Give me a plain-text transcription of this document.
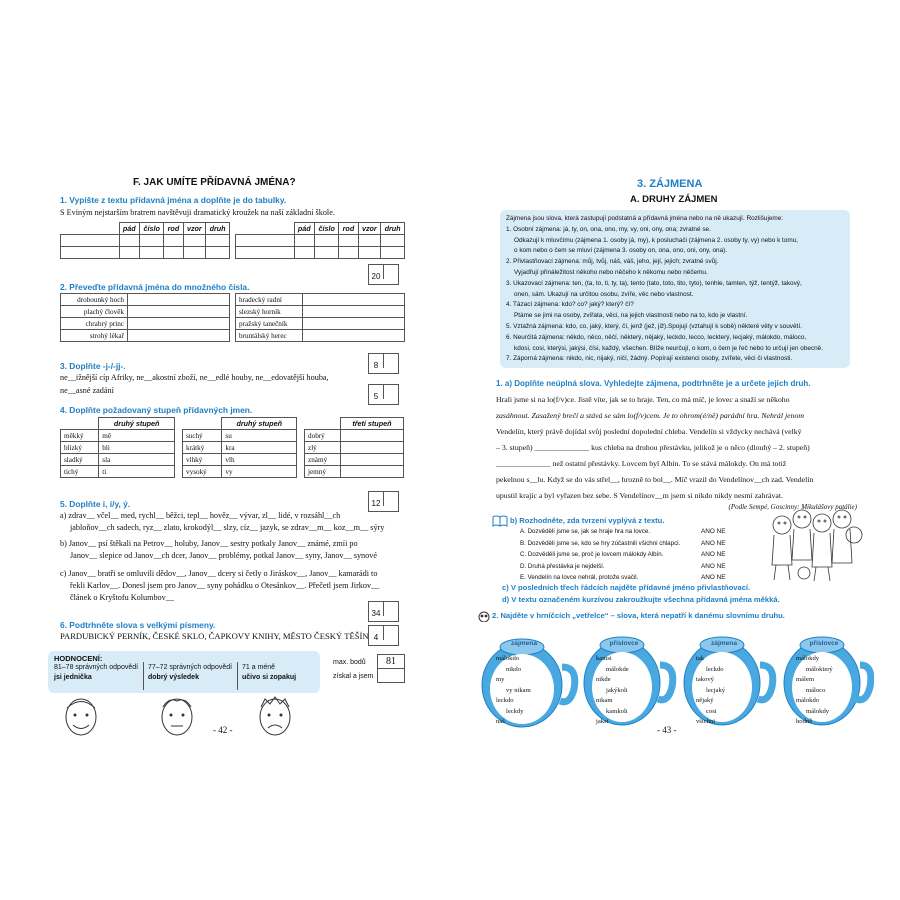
F. JAK UMÍTE PŘÍDAVNÁ JMÉNA?
1. Vypište z textu přídavná jména a doplňte je do tabulky.
S Eviným nejstarším bratrem navštěvuji dramatický kroužek na naší základní škole.
	pád	číslo	rod	vzor	druh

		pád	číslo	rod	vzor	druh

20
2. Převeďte přídavná jména do množného čísla.
drobounký hoch	
plachý člověk	
chrabrý princ	
strohý lékař	
hradecký radní	
slezský horník	
pražský tanečník	
bruntálský herec	
8
3. Doplňte -j-/-jj-.
ne__ižnější cíp Afriky, ne__akostní zboží, ne__edlé houby, ne__edovatější houba,
ne__asné zadání
5
4. Doplňte požadovaný stupeň přídavných jmen.
	druhý stupeň
měkký	mě
blízký	bli
sladký	sla
tichý	ti
	druhý stupeň
suchý	su
krátký	kra
vlhký	vlh
vysoký	vy
	třetí stupeň
dobrý	
zlý	
známý	
jemný	
12
5. Doplňte i, í/y, ý.
a) zdrav__ včel__ med, rychl__ běžci, tepl__ hověz__ vývar, zl__ lidé, v rozsáhl__ch
jabloňov__ch sadech, ryz__ zlato, krokodýl__ slzy, cíz__ jazyk, se zdrav__m__ koz__m__ sýry
b) Janov__ psí štěkali na Petrov__ holuby, Janov__ sestry potkaly Janov__ známé, zmíi po
Janov__ slepice od Janov__ch dcer, Janov__ problémy, potkal Janov__ syny, Janov__ synové
c) Janov__ bratři se omluvili dědov__, Janov__ dcery si četly o Jiráskov__, Janov__ kamarádi to
řekli Karlov__. Donesl jsem pro Janov__ syny pohádku o Otesánkov__. Přečetl jsem Jirkov__
článek o Kryštofu Kolumbov__
34
6. Podtrhněte slova s velkými písmeny.
PARDUBICKÝ PERNÍK, ČESKÉ SKLO, ČAPKOVY KNIHY, MĚSTO ČESKÝ TĚŠÍN 4
HODNOCENÍ:
81–78 správných odpovědí
jsi jednička
77–72 správných odpovědí
dobrý výsledek
71 a méně
učivo si zopakuj
max. bodů	81
získal a jsem
- 42 -
3. ZÁJMENA
A. DRUHY ZÁJMEN
Zájmena jsou slova, která zastupují podstatná a přídavná jména nebo na ně ukazují. Rozlišujeme:
1. Osobní zájmena: já, ty, on, ona, ono, my, vy, oni, ony, ona; zvratné se.
Odkazují k mluvčímu (zájmena 1. osoby já, my), k posluchači (zájmena 2. osoby ty, vy) nebo k tomu,
o kom nebo o čem se mluví (zájmena 3. osoby on, ona, ono, oni, ony, ona).
2. Přivlastňovací zájmena: můj, tvůj, náš, váš, jeho, její, jejich; zvratné svůj.
Vyjadřují přináležitost někoho nebo něčeho k někomu nebo něčemu.
3. Ukazovací zájmena: ten, (ta, to, ti, ty, ta), tento (tato, toto, tito, tyto), tenhle, tamten, týž, tentýž, takový,
onen, sám. Ukazují na určitou osobu, zvíře, věc nebo vlastnost.
4. Tázací zájmena: kdo? co? jaký? který? čí?
Ptáme se jimi na osoby, zvířata, věci, na jejich vlastnosti nebo na to, kdo je vlastní.
5. Vztažná zájmena: kdo, co, jaký, který, čí, jenž (jež, již).Spojují (vztahují k sobě) některé věty v souvětí.
6. Neurčitá zájmena: někdo, něco, něčí, některý, nějaký, leckdo, lecco, leckterý, lecjaký, málokdo, máloco,
kdosi, cosi, kterýsi, jakýsi, čísi, každý, všechen. Blíže neurčují, o kom, o čem je řeč nebo to určují jen obecně.
7. Záporná zájmena: nikdo, nic, nijaký, ničí, žádný. Popírají existenci osoby, zvířete, věci či vlastnosti.
1. a) Doplňte neúplná slova. Vyhledejte zájmena, podtrhněte je a určete jejich druh.
Hrali jsme si na lo(f/v)ce. Jistě víte, jak se to hraje. Ten, co má míč, je lovec a snaží se někoho
zasáhnout. Zasažený brečí a stává se sám lo(f/v)cem. Je to ohrom(é/ně) parádní hra. Nehrál jenom
Vendelín, který právě dojídal svůj poslední dopolední chleba. Vendelín si vždycky nechává (velký
– 3. stupeň) ______________ kus chleba na druhou přestávku, jelikož je o něco (dlouhý – 2. stupeň)
______________ než ostatní přestávky. Lovcem byl Albín. To se stává málokdy. On má totiž
pekelnou s__lu. Když se do vás střel__, hrozně to bol__. Míč vrazil do Vendelínov__ch zad. Vendelín
upustil krajíc a byl vyřazen bez sebe. S Vendelínov__m jsem si nikdo nikdy nesmí zahrávat.
(Podle Sempé, Goscinny: Mikulášovy patálie)
b) Rozhodněte, zda tvrzení vyplývá z textu.
A. Dozvěděli jsme se, jak se hraje hra na lovce.
B. Dozvěděli jsme se, kdo se hry zúčastnili všichni chlapci.
C. Dozvěděli jsme se, proč je lovcem málokdy Albín.
D. Druhá přestávka je nejdelší.
E. Vendelín na lovce nehrál, protože svačil.
ANO NE
ANO NE
ANO NE
ANO NE
ANO NE
c) V posledních třech řádcích najděte přídavné jméno přivlastňovací.
d) V textu označeném kurzívou zakroužkujte všechna přídavná jména měkká.
2. Najděte v hrníčcích „vetřelce“ – slova, která nepatří k danému slovnímu druhu.
zájmena
málokdo
nikdo
my
vy nikam
leckdo
leckdy
náš
příslovce
kamsi
málokde
nikde
jakýkoli
nikam
kamkoli
jaksi
zájmena
tak
leckdo
takový
lecjaký
nějaký
cosi
všichni
příslovce
málokdy
málokterý
málem
máloco
málokdo
málokdy
hodně
- 43 -
